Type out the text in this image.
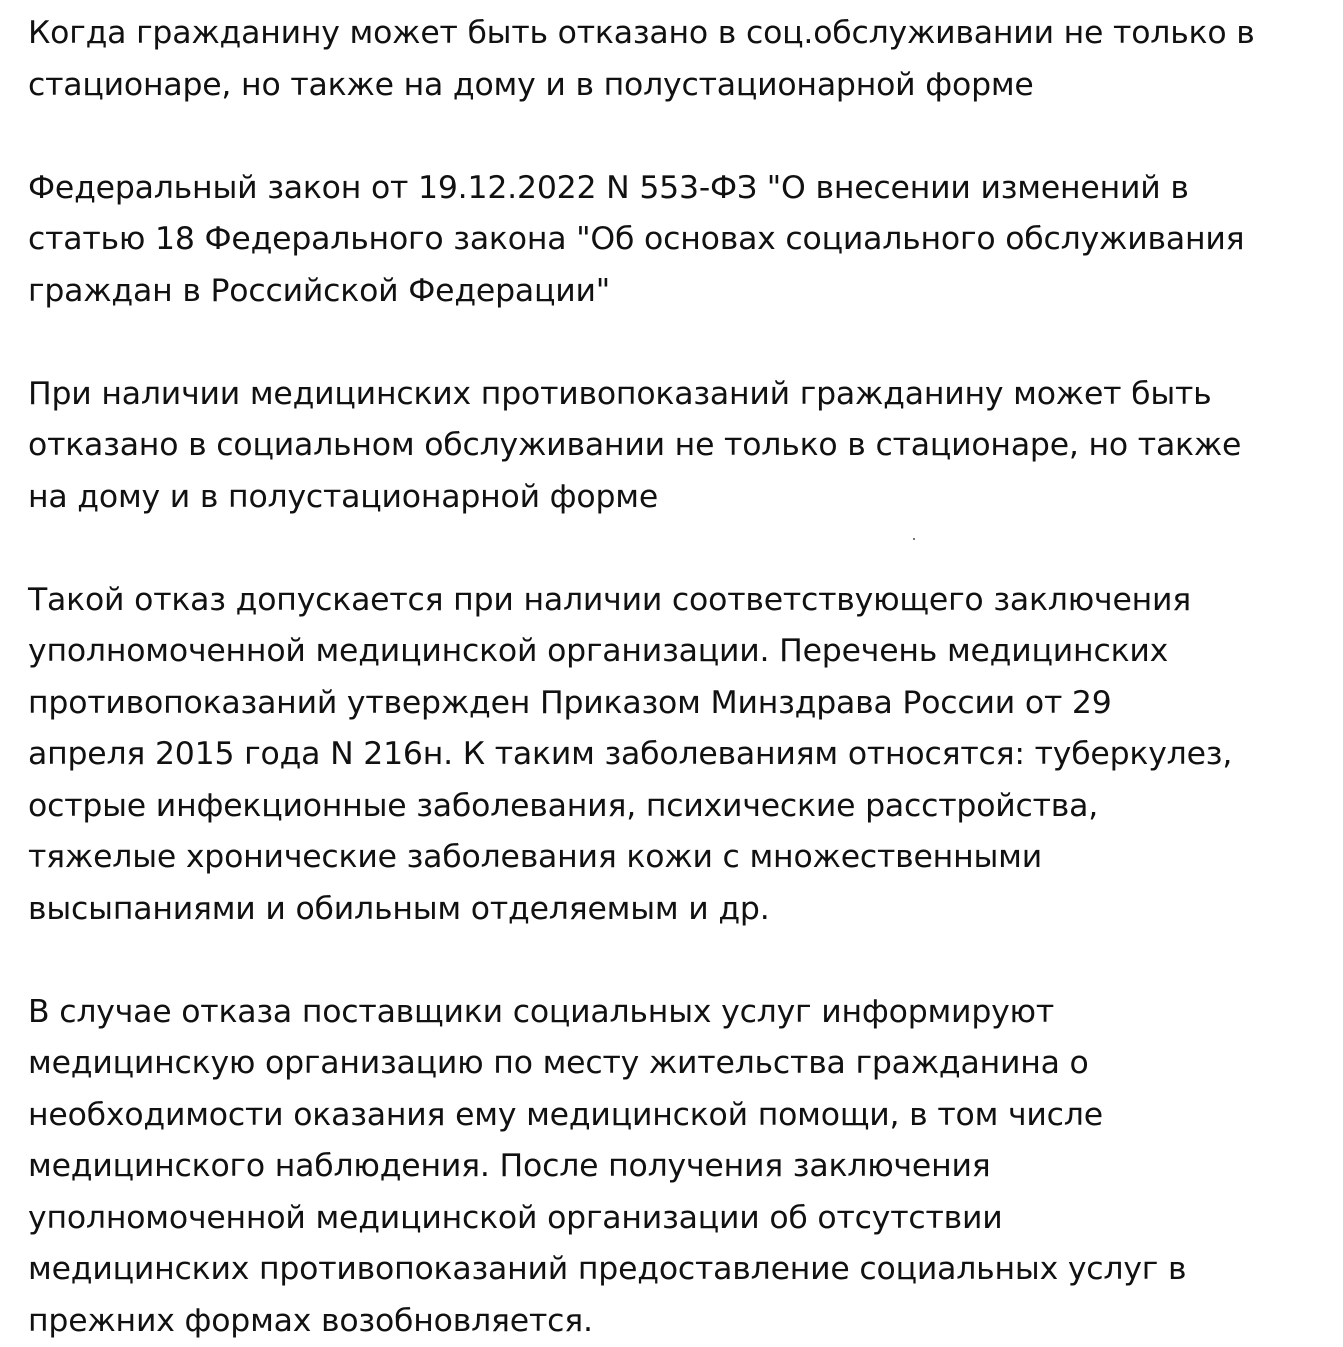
Когда гражданину может быть отказано в соц.обслуживании не только в
стационаре, но также на дому и в полустационарной форме

Федеральный закон от 19.12.2022 N 553-ФЗ "О внесении изменений в
статью 18 Федерального закона "Об основах социального обслуживания
граждан в Российской Федерации"

При наличии медицинских противопоказаний гражданину может быть
отказано в социальном обслуживании не только в стационаре, но также
на дому и в полустационарной форме

Такой отказ допускается при наличии соответствующего заключения
уполномоченной медицинской организации. Перечень медицинских
противопоказаний утвержден Приказом Минздрава России от 29
апреля 2015 года N 216н. К таким заболеваниям относятся: туберкулез,
острые инфекционные заболевания, психические расстройства,
тяжелые хронические заболевания кожи с множественными
высыпаниями и обильным отделяемым и др.

В случае отказа поставщики социальных услуг информируют
медицинскую организацию по месту жительства гражданина о
необходимости оказания ему медицинской помощи, в том числе
медицинского наблюдения. После получения заключения
уполномоченной медицинской организации об отсутствии
медицинских противопоказаний предоставление социальных услуг в
прежних формах возобновляется.
